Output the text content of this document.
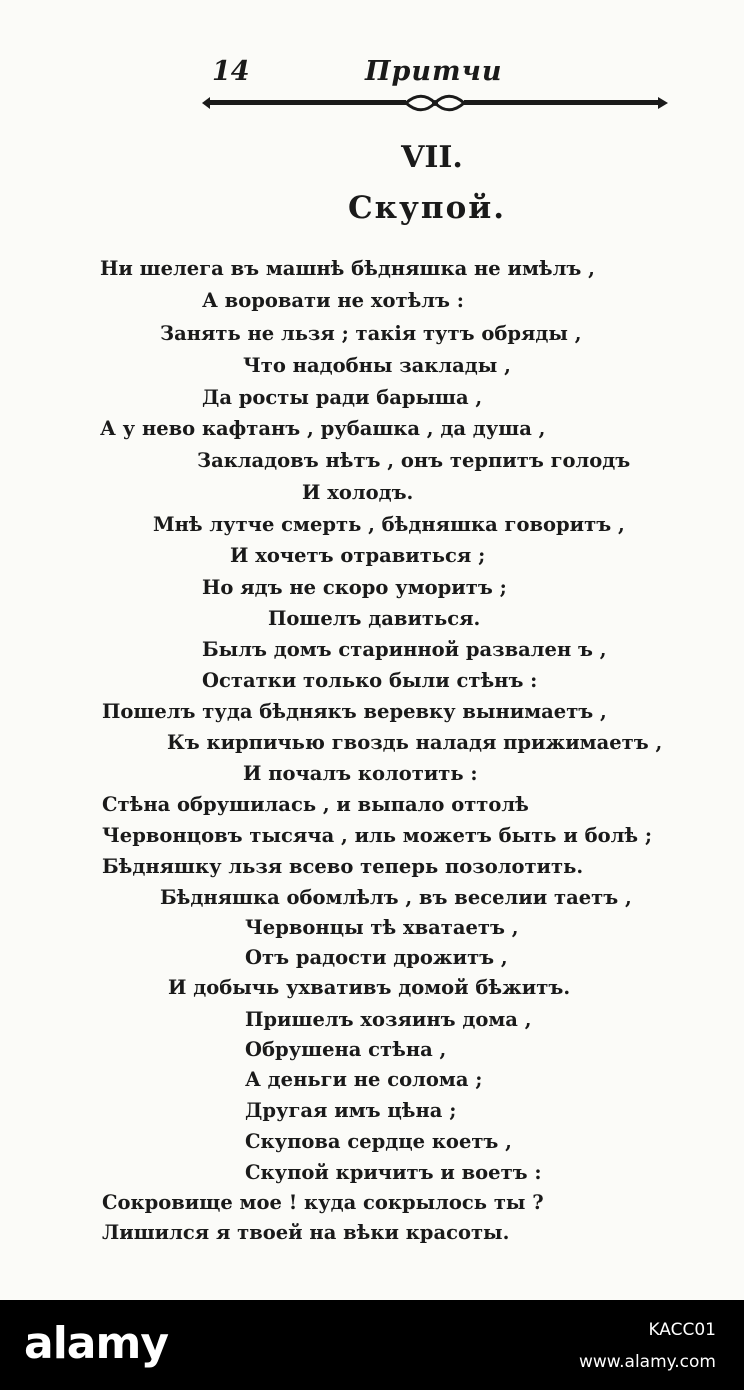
14	Притчи
VII.
Скупой.
Ни шелега въ машнѣ бѣдняшка не имѣлъ ,
А воровати не хотѣлъ :
Занять не льзя ; такія тутъ обряды ,
Что надобны заклады ,
Да росты ради барыша ,
А у нево кафтанъ , рубашка , да душа ,
Закладовъ нѣтъ , онъ терпитъ голодъ
И холодъ.
Мнѣ лутче смерть , бѣдняшка говоритъ ,
И хочетъ отравиться ;
Но ядъ не скоро уморитъ ;
Пошелъ давиться.
Былъ домъ старинной развален ъ ,
Остатки только были стѣнъ :
Пошелъ туда бѣднякъ веревку вынимаетъ ,
Къ кирпичью гвоздь наладя прижимаетъ ,
И почалъ колотить :
Стѣна обрушилась , и выпало оттолѣ
Червонцовъ тысяча , иль можетъ быть и болѣ ;
Бѣдняшку льзя всево теперь позолотить.
Бѣдняшка обомлѣлъ , въ веселии таетъ ,
Червонцы тѣ хватаетъ ,
Отъ радости дрожитъ ,
И добычь ухвативъ домой бѣжитъ.
Пришелъ хозяинъ дома ,
Обрушена стѣна ,
А деньги не солома ;
Другая имъ цѣна ;
Скупова сердце коетъ ,
Скупой кричитъ и воетъ :
Сокровище мое ! куда сокрылось ты ?
Лишился я твоей на вѣки красоты.
alamy	KACC01
www.alamy.com
